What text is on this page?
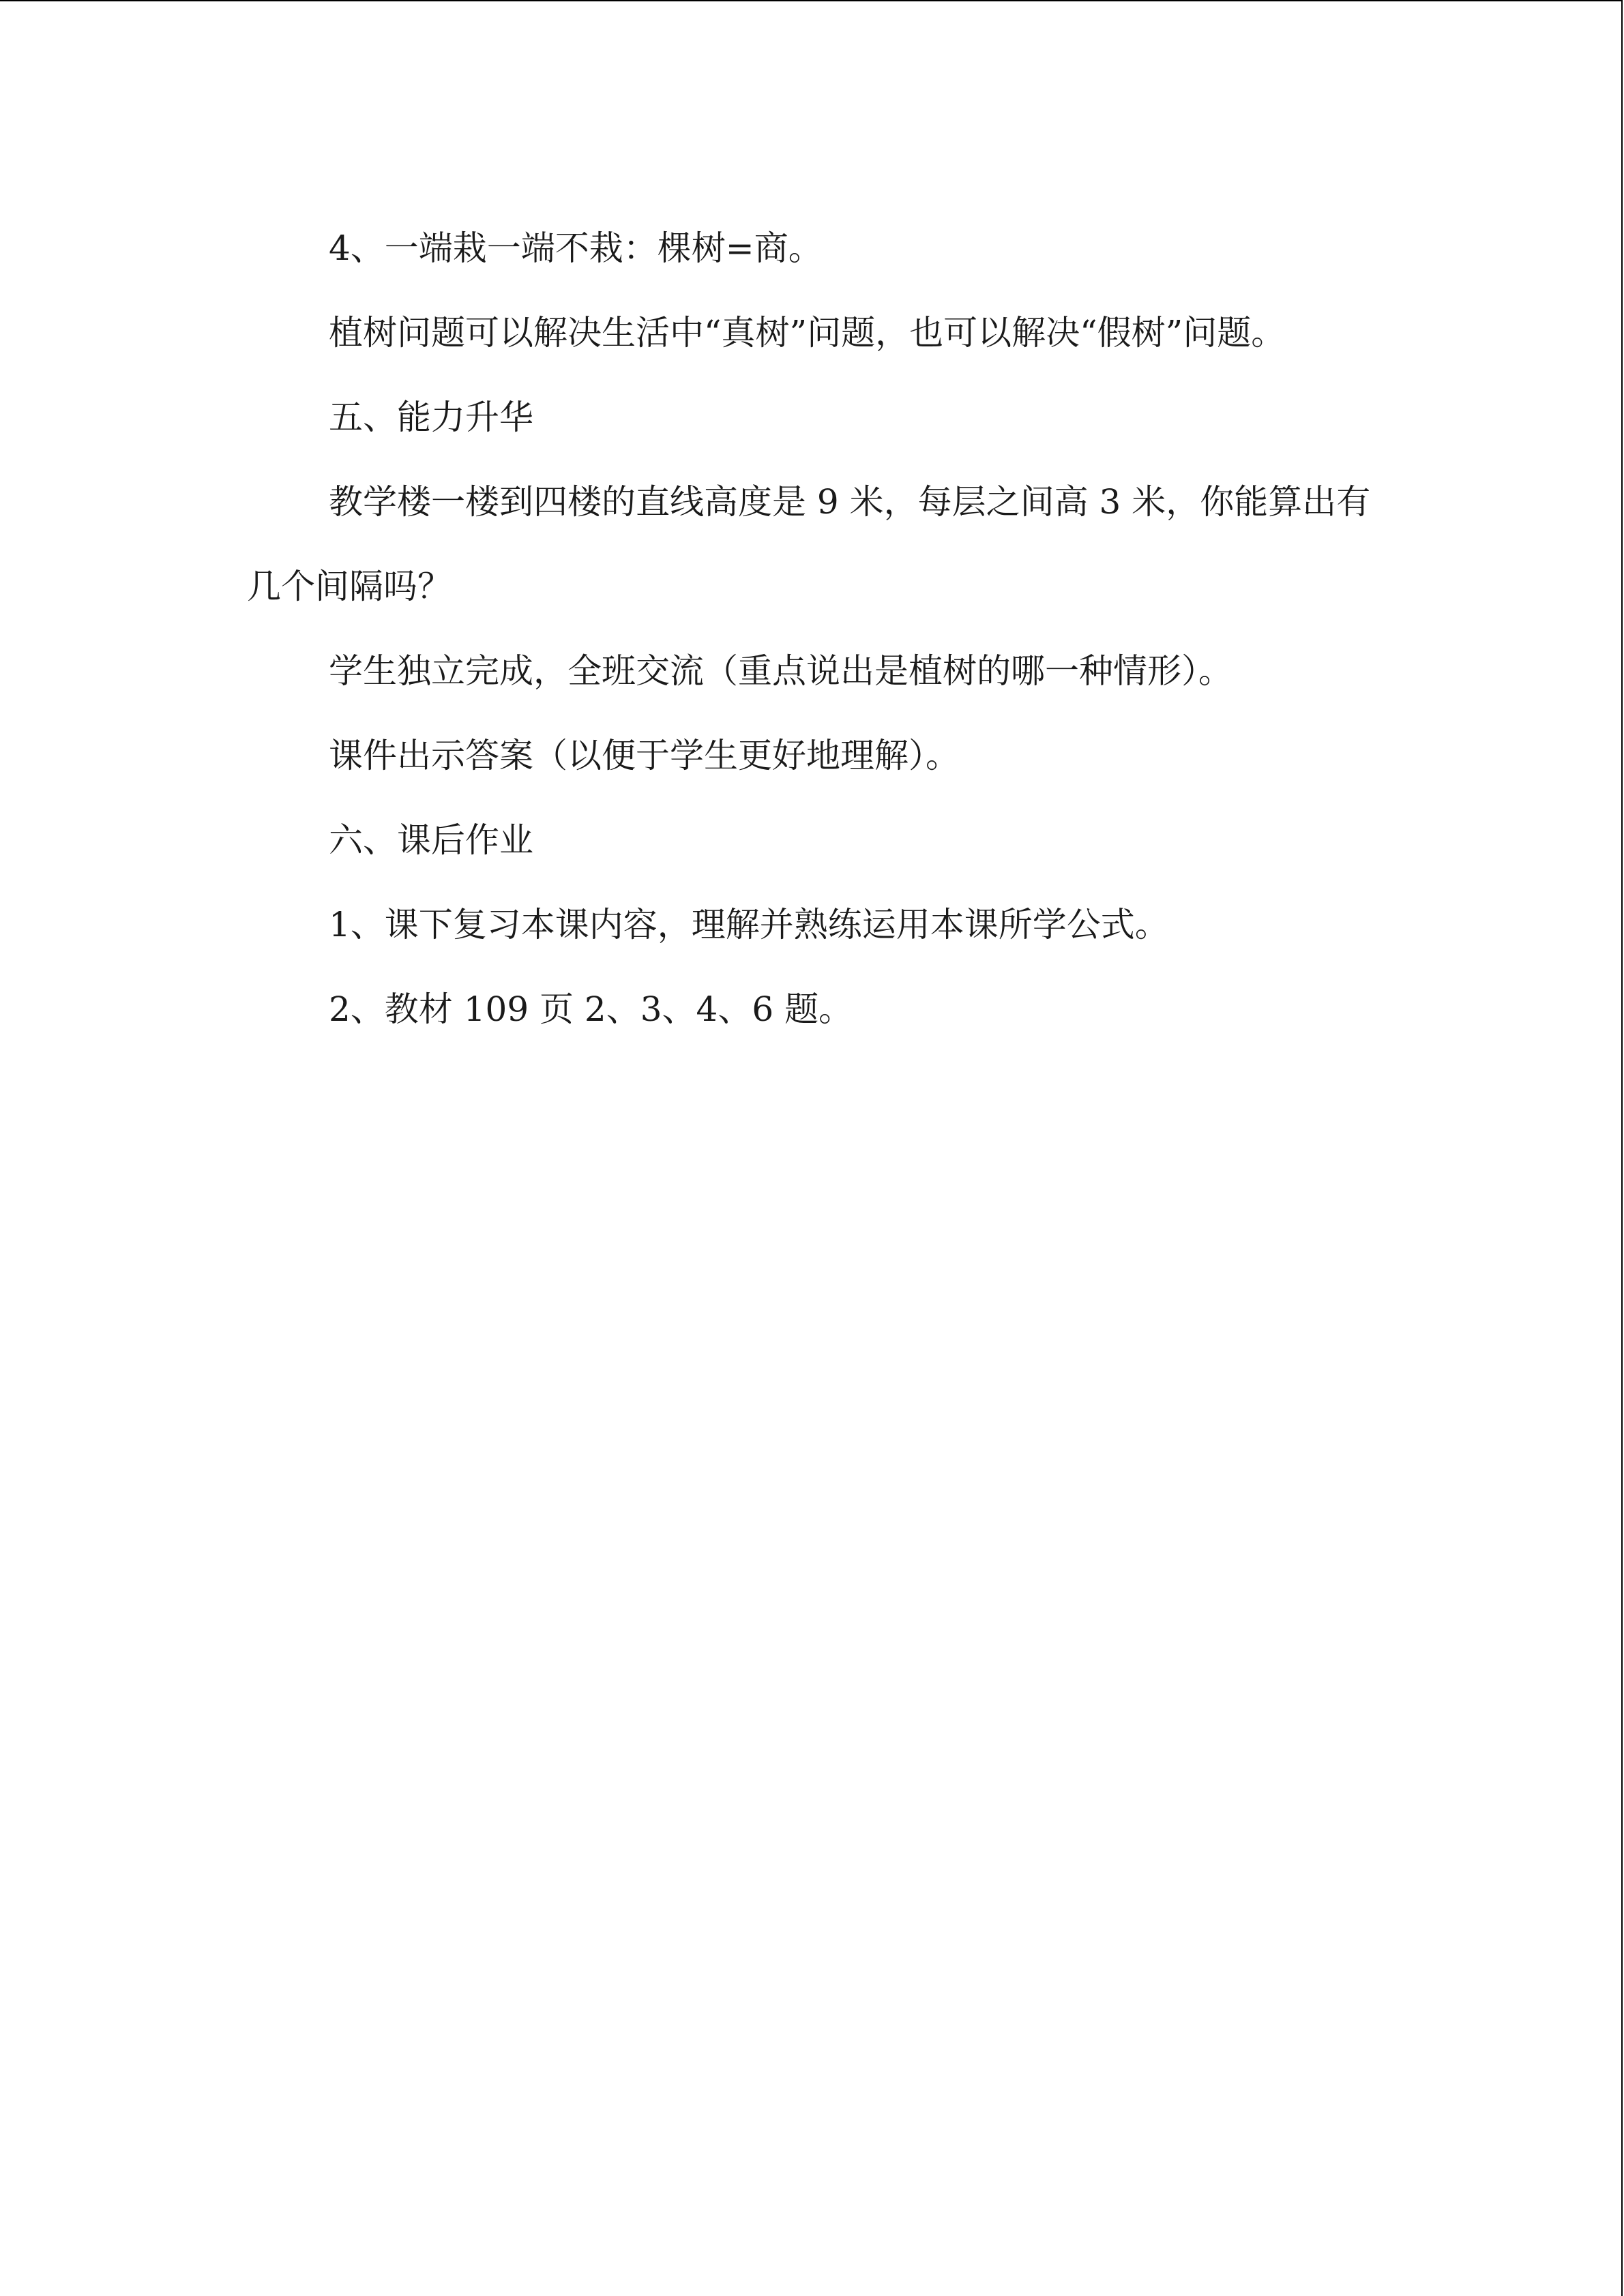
4、一端栽一端不栽：棵树=商。

植树问题可以解决生活中“真树”问题，也可以解决“假树”问题。

五、能力升华

教学楼一楼到四楼的直线高度是 9 米，每层之间高 3 米，你能算出有几个间隔吗？

学生独立完成，全班交流（重点说出是植树的哪一种情形）。

课件出示答案（以便于学生更好地理解）。

六、课后作业

1、课下复习本课内容，理解并熟练运用本课所学公式。

2、教材 109 页 2、3、4、6 题。
